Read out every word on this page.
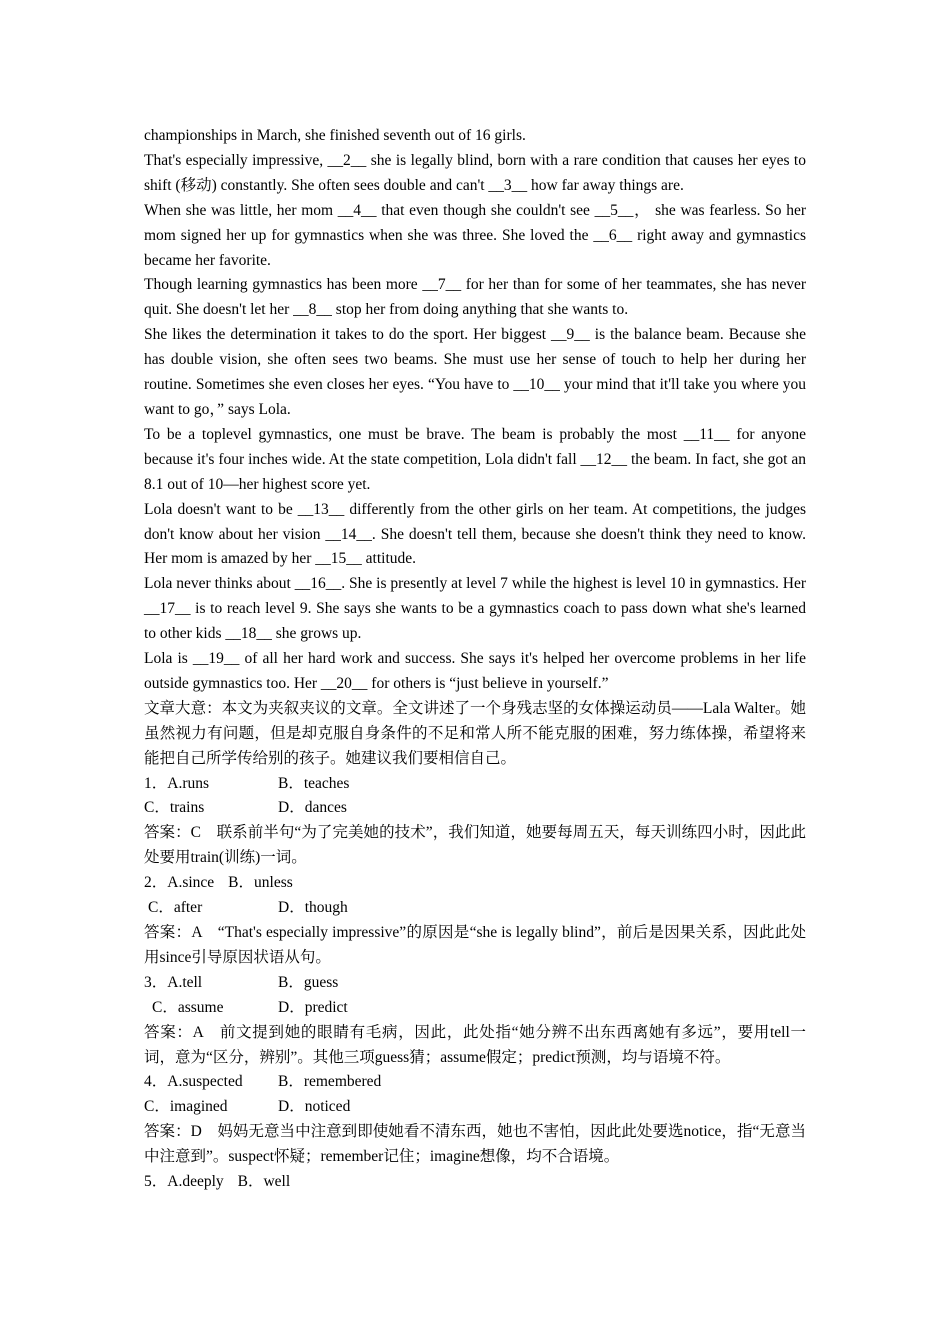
championships in March, she finished seventh out of 16 girls.

That's especially impressive, __2__ she is legally blind, born with a rare condition that causes her eyes to shift (移动) constantly. She often sees double and can't __3__ how far away things are.

When she was little, her mom __4__ that even though she couldn't see __5__， she was fearless. So her mom signed her up for gymnastics when she was three. She loved the __6__ right away and gymnastics became her favorite.

Though learning gymnastics has been more __7__ for her than for some of her teammates, she has never quit. She doesn't let her __8__ stop her from doing anything that she wants to.

She likes the determination it takes to do the sport. Her biggest __9__ is the balance beam. Because she has double vision, she often sees two beams. She must use her sense of touch to help her during her routine. Sometimes she even closes her eyes. “You have to __10__ your mind that it'll take you where you want to go，” says Lola.

To be a toplevel gymnastics, one must be brave. The beam is probably the most __11__ for anyone because it's four inches wide. At the state competition, Lola didn't fall __12__ the beam. In fact, she got an 8.1 out of 10—her highest score yet.

Lola doesn't want to be __13__ differently from the other girls on her team. At competitions, the judges don't know about her vision __14__. She doesn't tell them, because she doesn't think they need to know. Her mom is amazed by her __15__ attitude.

Lola never thinks about __16__. She is presently at level 7 while the highest is level 10 in gymnastics. Her __17__ is to reach level 9. She says she wants to be a gymnastics coach to pass down what she's learned to other kids __18__ she grows up.

Lola is __19__ of all her hard work and success. She says it's helped her overcome problems in her life outside gymnastics too. Her __20__ for others is “just believe in yourself.”

文章大意：本文为夹叙夹议的文章。全文讲述了一个身残志坚的女体操运动员——Lala Walter。她虽然视力有问题，但是却克服自身条件的不足和常人所不能克服的困难，努力练体操，希望将来能把自己所学传给别的孩子。她建议我们要相信自己。

1．A.runs	B．teaches
C．trains	D．dances

答案：C　联系前半句“为了完美她的技术”，我们知道，她要每周五天，每天训练四小时，因此此处要用train(训练)一词。

2．A.since B．unless
C．after	D．though

答案：A　“That's especially impressive”的原因是“she is legally blind”，前后是因果关系，因此此处用since引导原因状语从句。

3．A.tell	B．guess
C．assume	D．predict

答案：A　前文提到她的眼睛有毛病，因此，此处指“她分辨不出东西离她有多远”，要用tell一词，意为“区分，辨别”。其他三项guess猜；assume假定；predict预测，均与语境不符。

4．A.suspected B．remembered
C．imagined	D．noticed

答案：D　妈妈无意当中注意到即使她看不清东西，她也不害怕，因此此处要选notice，指“无意当中注意到”。suspect怀疑；remember记住；imagine想像，均不合语境。

5．A.deeply B．well
